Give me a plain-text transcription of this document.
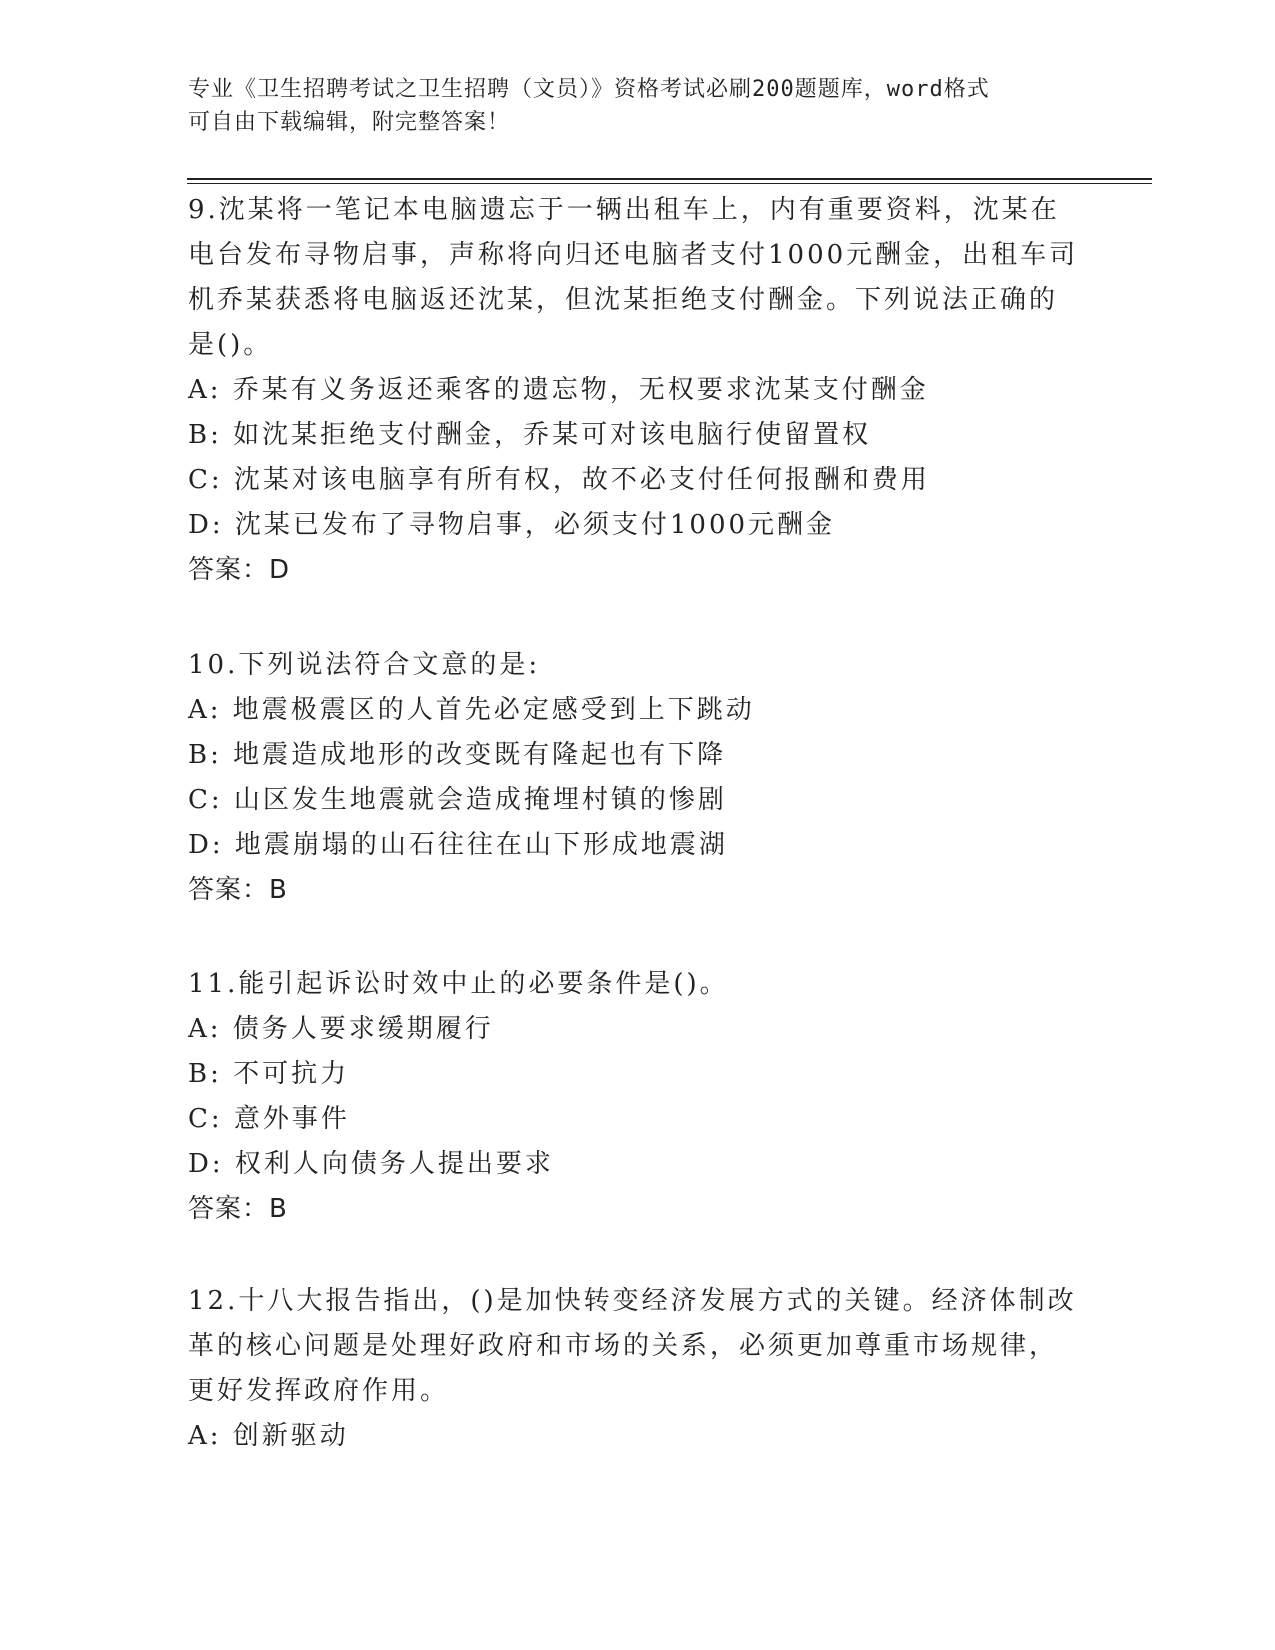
专业《卫生招聘考试之卫生招聘（文员）》资格考试必刷200题题库，word格式
可自由下载编辑，附完整答案！
9.沈某将一笔记本电脑遗忘于一辆出租车上，内有重要资料，沈某在
电台发布寻物启事，声称将向归还电脑者支付1000元酬金，出租车司
机乔某获悉将电脑返还沈某，但沈某拒绝支付酬金。下列说法正确的
是()。
A: 乔某有义务返还乘客的遗忘物，无权要求沈某支付酬金
B: 如沈某拒绝支付酬金，乔某可对该电脑行使留置权
C: 沈某对该电脑享有所有权，故不必支付任何报酬和费用
D: 沈某已发布了寻物启事，必须支付1000元酬金
答案：D
10.下列说法符合文意的是:
A: 地震极震区的人首先必定感受到上下跳动
B: 地震造成地形的改变既有隆起也有下降
C: 山区发生地震就会造成掩埋村镇的惨剧
D: 地震崩塌的山石往往在山下形成地震湖
答案：B
11.能引起诉讼时效中止的必要条件是()。
A: 债务人要求缓期履行
B: 不可抗力
C: 意外事件
D: 权利人向债务人提出要求
答案：B
12.十八大报告指出，()是加快转变经济发展方式的关键。经济体制改
革的核心问题是处理好政府和市场的关系，必须更加尊重市场规律，
更好发挥政府作用。
A: 创新驱动
